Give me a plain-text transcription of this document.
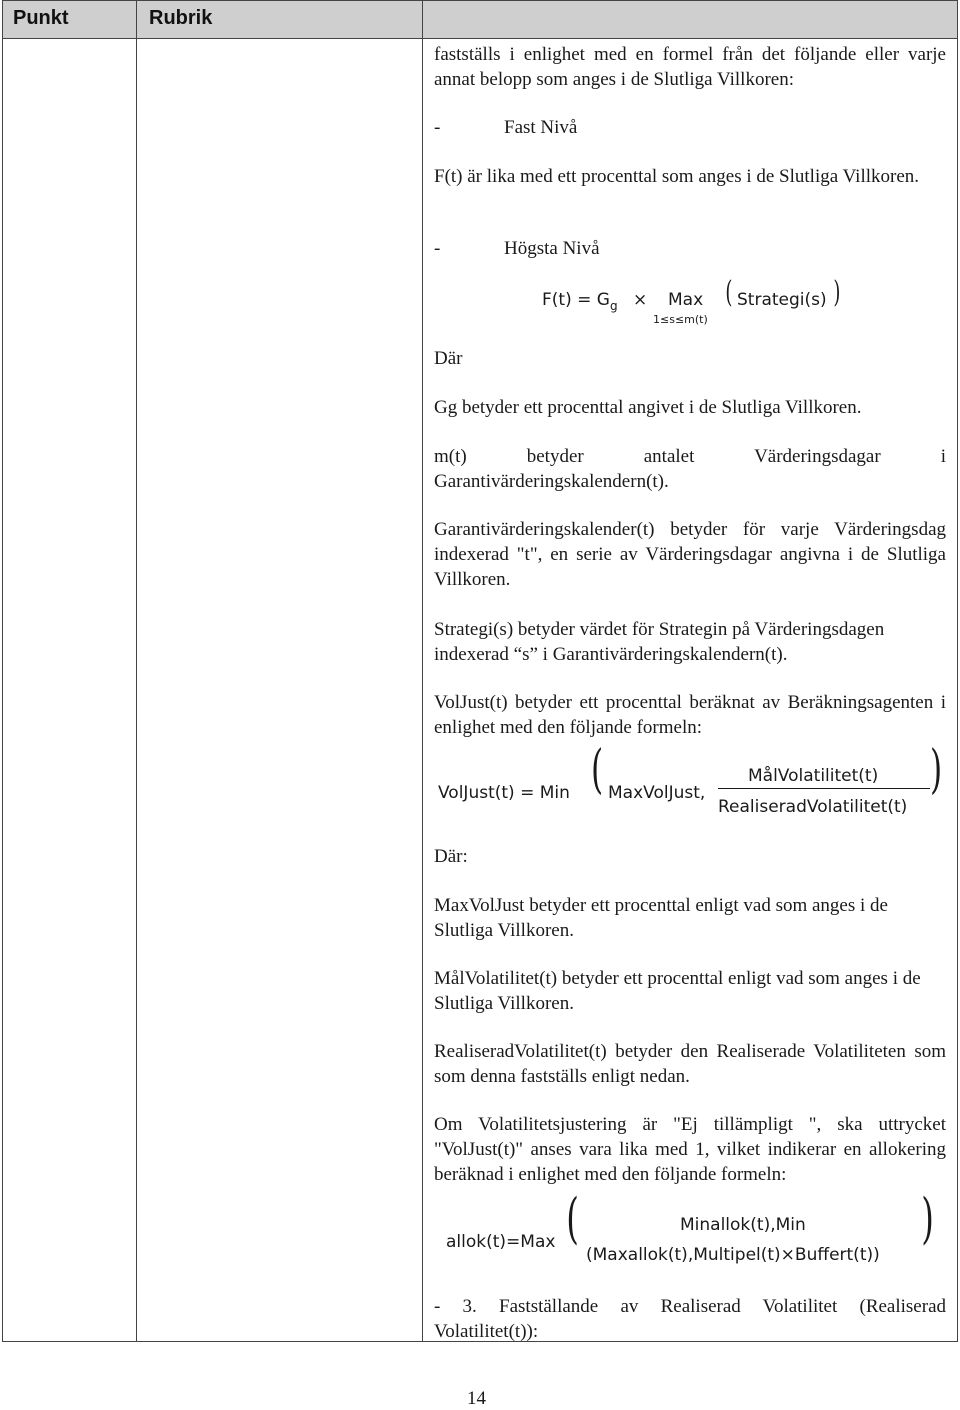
Punkt	Rubrik

fastställs i enlighet med en formel från det följande eller varje annat belopp som anges i de Slutliga Villkoren:

-	Fast Nivå

F(t) är lika med ett procenttal som anges i de Slutliga Villkoren.

-	Högsta Nivå
$F(t) = G_g$ × Max
1≤s≤m(t)
( Strategi(s) )

Där

Gg betyder ett procenttal angivet i de Slutliga Villkoren.

m(t) betyder antalet Värderingsdagar i Garantivärderingskalendern(t).

Garantivärderingskalender(t) betyder för varje Värderingsdag indexerad "t", en serie av Värderingsdagar angivna i de Slutliga Villkoren.

Strategi(s) betyder värdet för Strategin på Värderingsdagen indexerad “s” i Garantivärderingskalendern(t).

VolJust(t) betyder ett procenttal beräknat av Beräkningsagenten i enlighet med den följande formeln:

VolJust(t) = Min ( MaxVolJust,
MålVolatilitet(t)
RealiseradVolatilitet(t)
)

Där:

MaxVolJust betyder ett procenttal enligt vad som anges i de Slutliga Villkoren.

MålVolatilitet(t) betyder ett procenttal enligt vad som anges i de Slutliga Villkoren.

RealiseradVolatilitet(t) betyder den Realiserade Volatiliteten som som denna fastställs enligt nedan.

Om Volatilitetsjustering är "Ej tillämpligt ", ska uttrycket "VolJust(t)" anses vara lika med 1, vilket indikerar en allokering beräknad i enlighet med den följande formeln:

allok(t)=Max (	Minallok(t),Min
(Maxallok(t),Multipel(t)×Buffert(t))
)

- 3. Fastställande av Realiserad Volatilitet (Realiserad Volatilitet(t)):

14
